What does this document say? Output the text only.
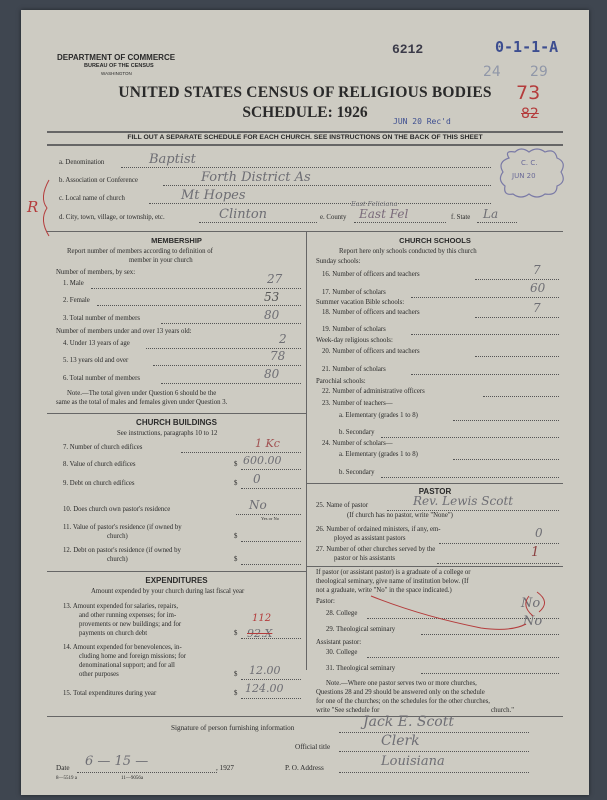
DEPARTMENT OF COMMERCE
BUREAU OF THE CENSUS
WASHINGTON
6212	0-1-1-A
24 29
73
82
UNITED STATES CENSUS OF RELIGIOUS BODIES
SCHEDULE: 1926
JUN 20 Rec'd
FILL OUT A SEPARATE SCHEDULE FOR EACH CHURCH. SEE INSTRUCTIONS ON THE BACK OF THIS SHEET
C. C.
JUN 20
R
a. Denomination	Baptist
b. Association or Conference	Forth District As
c. Local name of church	Mt Hopes
d. City, town, village, or township, etc.	Clinton	e. County East Fel
East Feliciana
f. State La
MEMBERSHIP
Report number of members according to definition of
member in your church
Number of members, by sex:
1. Male	27
2. Female	53
3. Total number of members	80
Number of members under and over 13 years old:
4. Under 13 years of age	2
5. 13 years old and over	78
6. Total number of members	80
Note.—The total given under Question 6 should be the
same as the total of males and females given under Question 3.
CHURCH BUILDINGS
See instructions, paragraphs 10 to 12
7. Number of church edifices	1 Kc
8. Value of church edifices	$ 600.00
9. Debt on church edifices	$ 0
10. Does church own pastor's residence	No
Yes or No
11. Value of pastor's residence (if owned by
church)	$
12. Debt on pastor's residence (if owned by
church)	$
EXPENDITURES
Amount expended by your church during last fiscal year
13. Amount expended for salaries, repairs,
and other running expenses; for im-
provements or new buildings; and for
payments on church debt	$
112
92.X
14. Amount expended for benevolences, in-
cluding home and foreign missions; for
denominational support; and for all
other purposes	$ 12.00
15. Total expenditures during year	$ 124.00
CHURCH SCHOOLS
Report here only schools conducted by this church
Sunday schools:
16. Number of officers and teachers	7
17. Number of scholars	60
Summer vacation Bible schools:
18. Number of officers and teachers	7
19. Number of scholars
Week-day religious schools:
20. Number of officers and teachers
21. Number of scholars
Parochial schools:
22. Number of administrative officers
23. Number of teachers—
a. Elementary (grades 1 to 8)
b. Secondary
24. Number of scholars—
a. Elementary (grades 1 to 8)
b. Secondary
PASTOR
25. Name of pastor	Rev. Lewis Scott
(If church has no pastor, write "None")
26. Number of ordained ministers, if any, em-
ployed as assistant pastors	0
27. Number of other churches served by the
pastor or his assistants	1
If pastor (or assistant pastor) is a graduate of a college or
theological seminary, give name of institution below. (If
not a graduate, write "No" in the space indicated.)
Pastor:
28. College
No
29. Theological seminary
No
Assistant pastor:
30. College
31. Theological seminary
Note.—Where one pastor serves two or more churches,
Questions 28 and 29 should be answered only on the schedule
for one of the churches; on the schedules for the other churches,
write "See schedule for	church."
Signature of person furnishing information	Jack E. Scott
Official title	Clerk
Date 6 — 15 —	, 1927	P. O. Address	Louisiana
8—5519 a	11—9056a
